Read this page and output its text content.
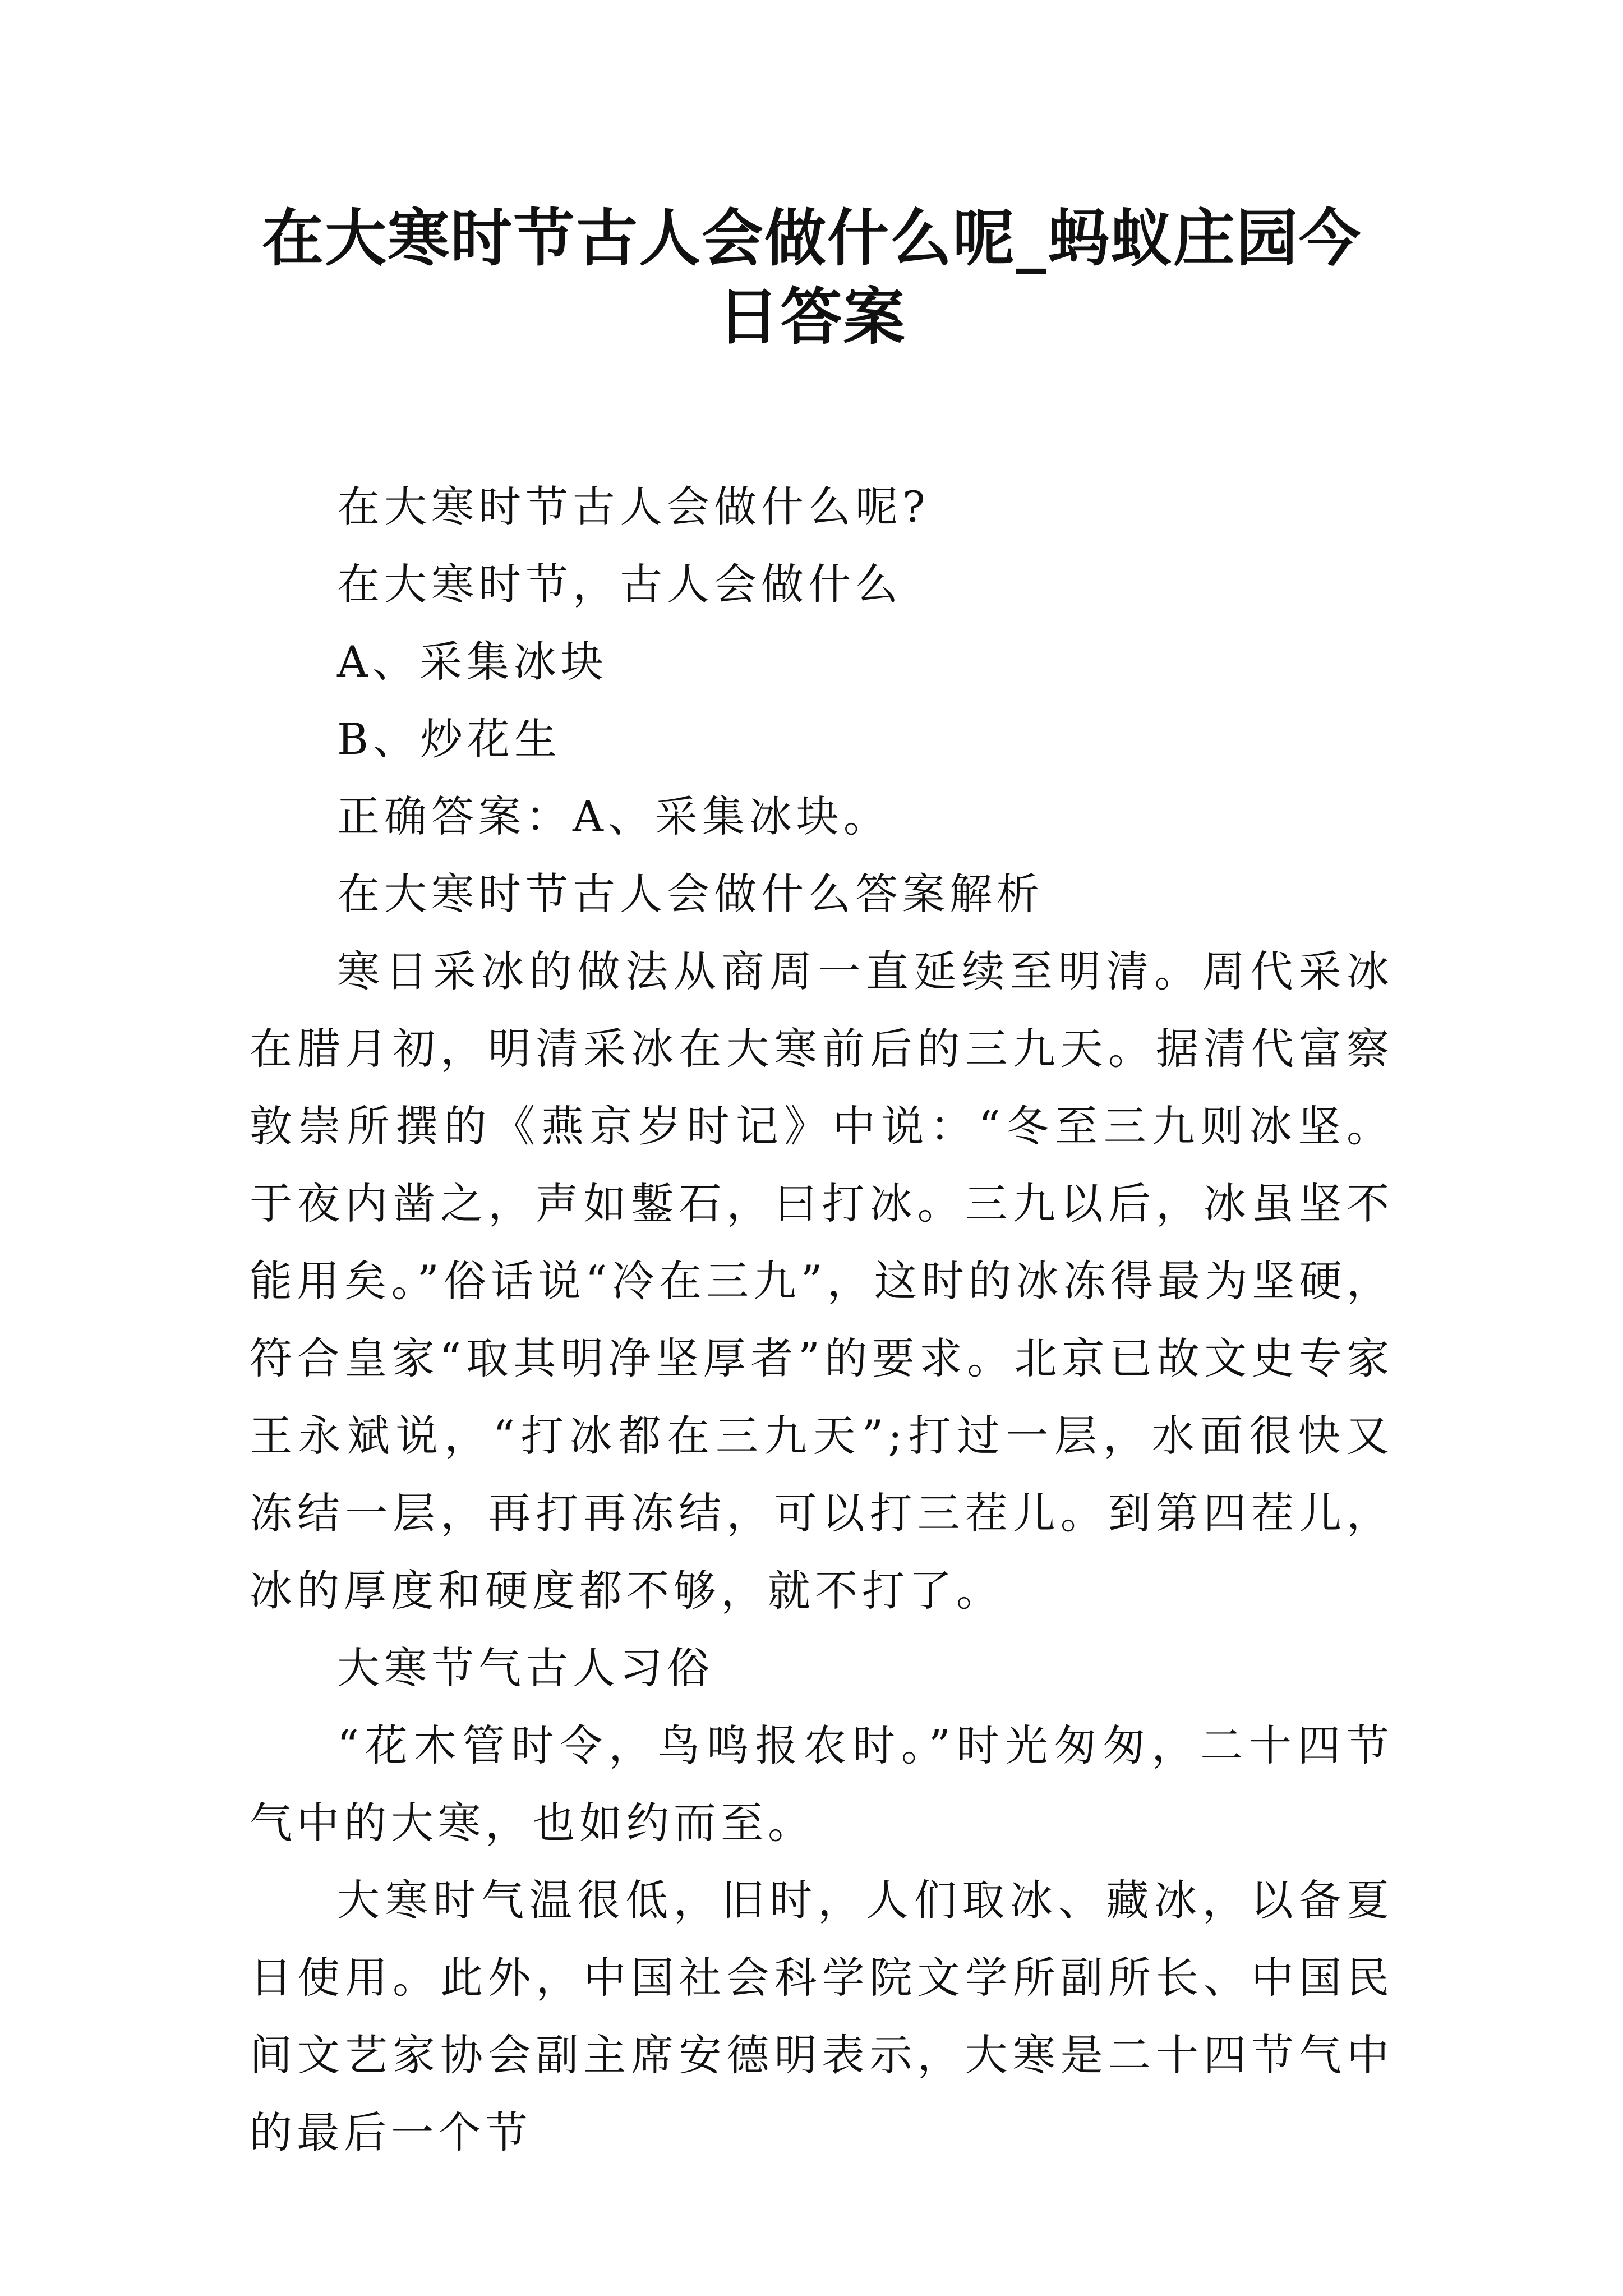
在大寒时节古人会做什么呢_蚂蚁庄园今日答案

在大寒时节古人会做什么呢?

在大寒时节，古人会做什么

A、采集冰块

B、炒花生

正确答案：A、采集冰块。

在大寒时节古人会做什么答案解析

寒日采冰的做法从商周一直延续至明清。周代采冰在腊月初，明清采冰在大寒前后的三九天。据清代富察敦崇所撰的《燕京岁时记》中说：“冬至三九则冰坚。于夜内凿之，声如鏨石，曰打冰。三九以后，冰虽坚不能用矣。”俗话说“冷在三九”，这时的冰冻得最为坚硬，符合皇家“取其明净坚厚者”的要求。北京已故文史专家王永斌说，“打冰都在三九天”;打过一层，水面很快又冻结一层，再打再冻结，可以打三茬儿。到第四茬儿，冰的厚度和硬度都不够，就不打了。

大寒节气古人习俗

“花木管时令，鸟鸣报农时。”时光匆匆，二十四节气中的大寒，也如约而至。

大寒时气温很低，旧时，人们取冰、藏冰，以备夏日使用。此外，中国社会科学院文学所副所长、中国民间文艺家协会副主席安德明表示，大寒是二十四节气中的最后一个节
